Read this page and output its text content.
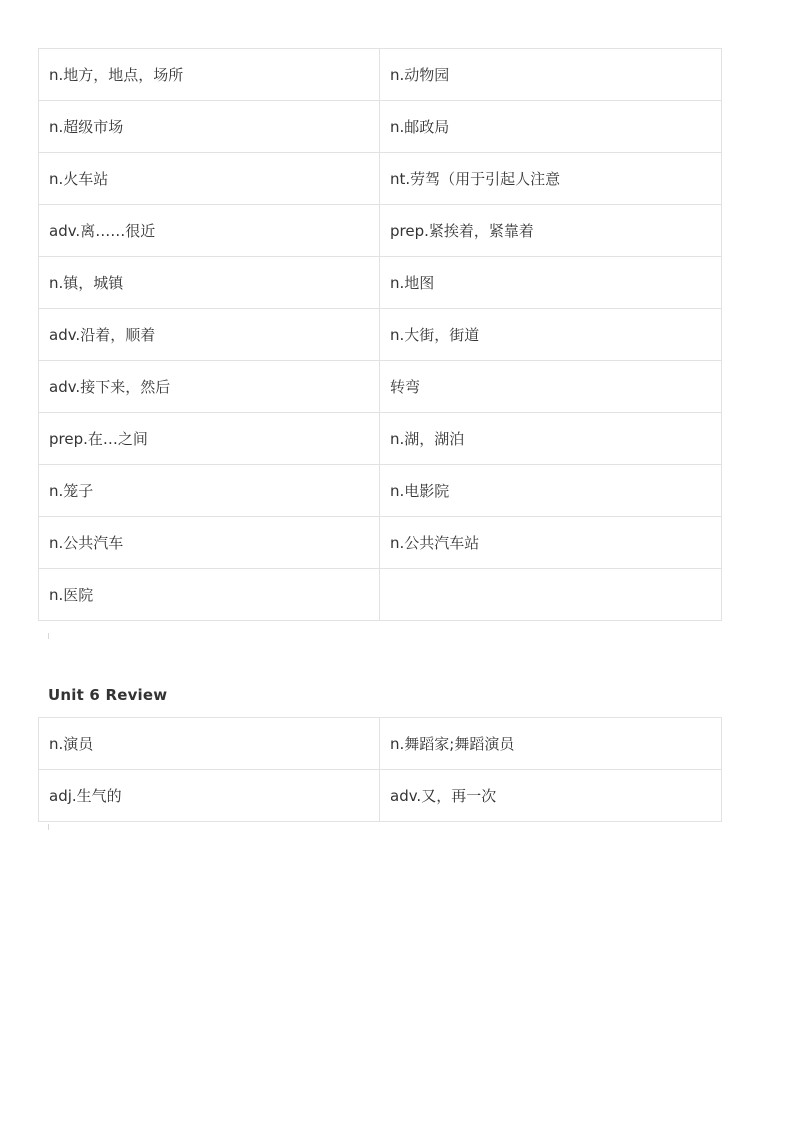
n.地方，地点，场所	n.动物园
n.超级市场	n.邮政局
n.火车站	nt.劳驾（用于引起人注意
adv.离……很近	prep.紧挨着，紧靠着
n.镇，城镇	n.地图
adv.沿着，顺着	n.大街，街道
adv.接下来，然后	转弯
prep.在…之间	n.湖，湖泊
n.笼子	n.电影院
n.公共汽车	n.公共汽车站
n.医院	
Unit 6 Review
n.演员	n.舞蹈家;舞蹈演员
adj.生气的	adv.又，再一次
